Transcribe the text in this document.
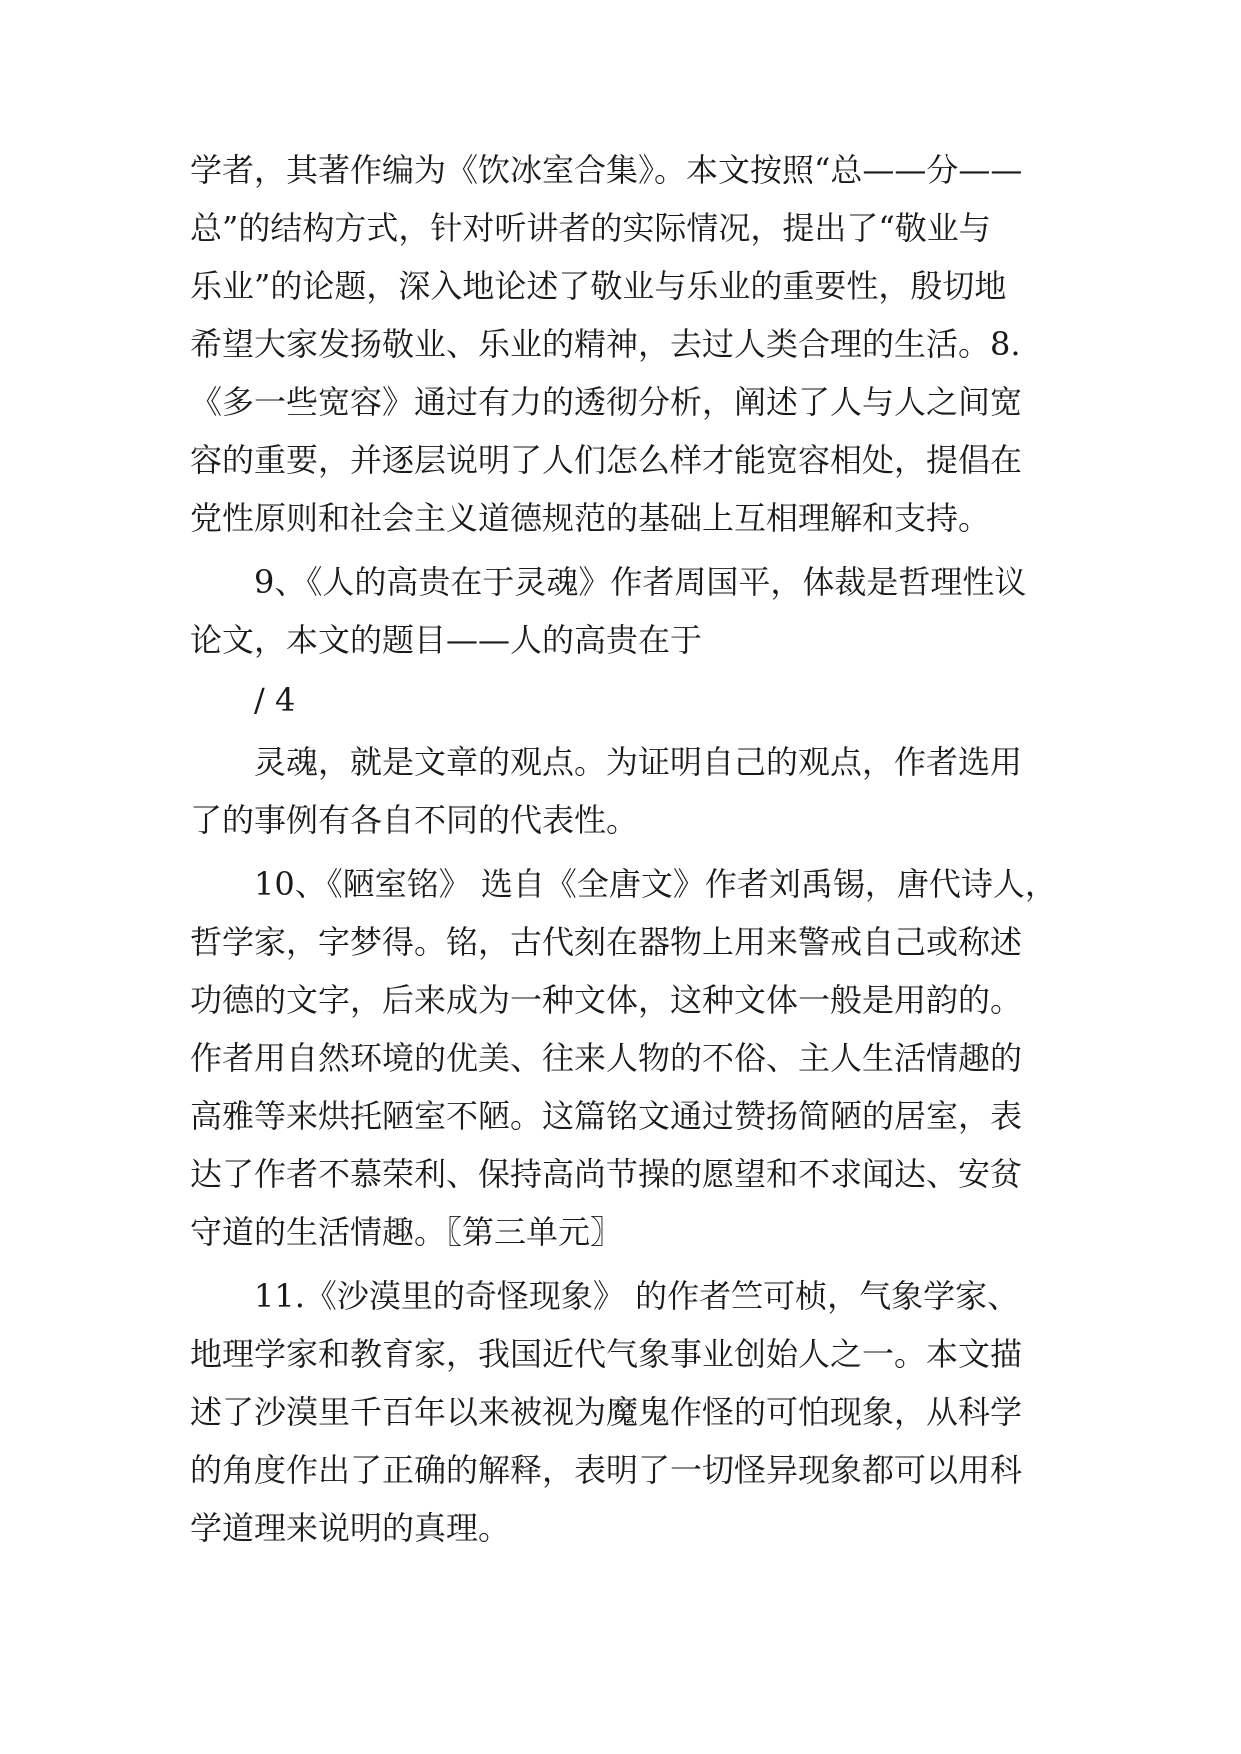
学者，其著作编为《饮冰室合集》。本文按照“总——分——

总”的结构方式，针对听讲者的实际情况，提出了“敬业与

乐业”的论题，深入地论述了敬业与乐业的重要性，殷切地

希望大家发扬敬业、乐业的精神，去过人类合理的生活。8.

《多一些宽容》通过有力的透彻分析，阐述了人与人之间宽

容的重要，并逐层说明了人们怎么样才能宽容相处，提倡在

党性原则和社会主义道德规范的基础上互相理解和支持。

9、《人的高贵在于灵魂》作者周国平，体裁是哲理性议

论文，本文的题目——人的高贵在于

/ 4

灵魂，就是文章的观点。为证明自己的观点，作者选用

了的事例有各自不同的代表性。

10、《陋室铭》 选自《全唐文》作者刘禹锡，唐代诗人，

哲学家，字梦得。铭，古代刻在器物上用来警戒自己或称述

功德的文字，后来成为一种文体，这种文体一般是用韵的。

作者用自然环境的优美、往来人物的不俗、主人生活情趣的

高雅等来烘托陋室不陋。这篇铭文通过赞扬简陋的居室，表

达了作者不慕荣利、保持高尚节操的愿望和不求闻达、安贫

守道的生活情趣。〖第三单元〗

11.《沙漠里的奇怪现象》 的作者竺可桢，气象学家、

地理学家和教育家，我国近代气象事业创始人之一。本文描

述了沙漠里千百年以来被视为魔鬼作怪的可怕现象，从科学

的角度作出了正确的解释，表明了一切怪异现象都可以用科

学道理来说明的真理。
